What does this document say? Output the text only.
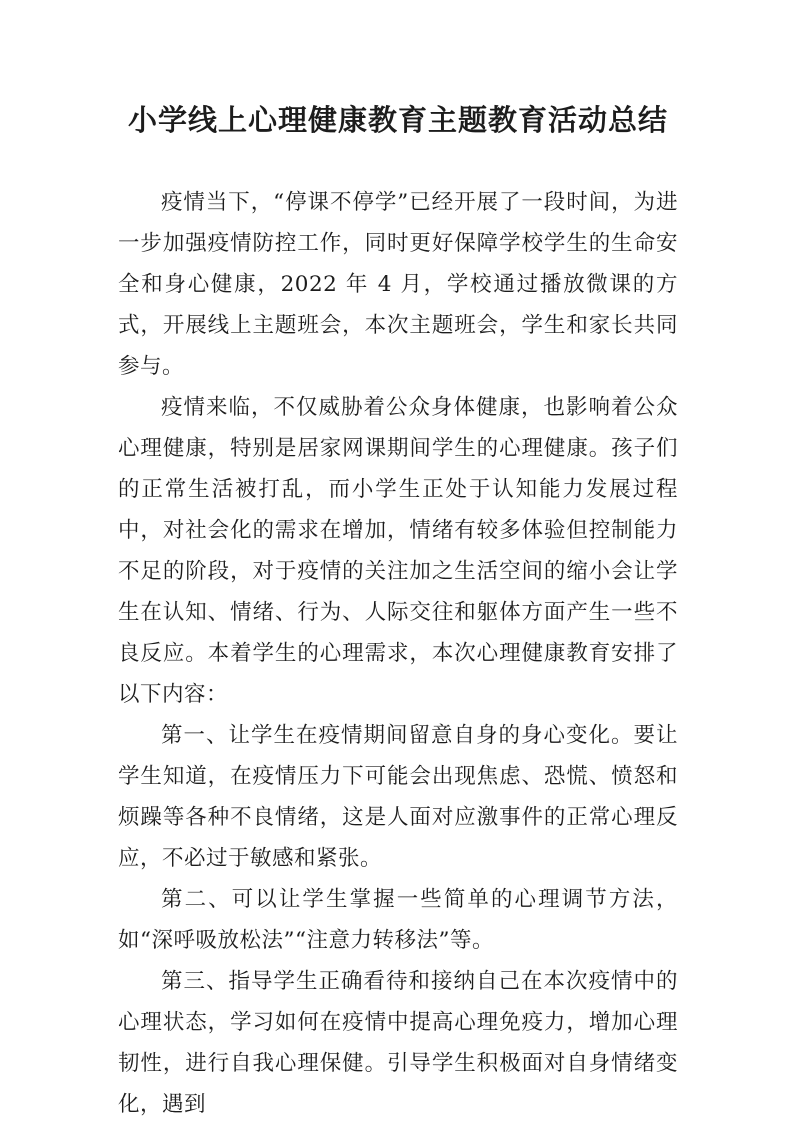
小学线上心理健康教育主题教育活动总结

疫情当下，“停课不停学”已经开展了一段时间，为进一步加强疫情防控工作，同时更好保障学校学生的生命安全和身心健康，2022 年 4 月，学校通过播放微课的方式，开展线上主题班会，本次主题班会，学生和家长共同参与。

疫情来临，不仅威胁着公众身体健康，也影响着公众心理健康，特别是居家网课期间学生的心理健康。孩子们的正常生活被打乱，而小学生正处于认知能力发展过程中，对社会化的需求在增加，情绪有较多体验但控制能力不足的阶段，对于疫情的关注加之生活空间的缩小会让学生在认知、情绪、行为、人际交往和躯体方面产生一些不良反应。本着学生的心理需求，本次心理健康教育安排了以下内容：

第一、让学生在疫情期间留意自身的身心变化。要让学生知道，在疫情压力下可能会出现焦虑、恐慌、愤怒和烦躁等各种不良情绪，这是人面对应激事件的正常心理反应，不必过于敏感和紧张。

第二、可以让学生掌握一些简单的心理调节方法，如“深呼吸放松法”“注意力转移法”等。

第三、指导学生正确看待和接纳自己在本次疫情中的心理状态，学习如何在疫情中提高心理免疫力，增加心理韧性，进行自我心理保健。引导学生积极面对自身情绪变化，遇到
